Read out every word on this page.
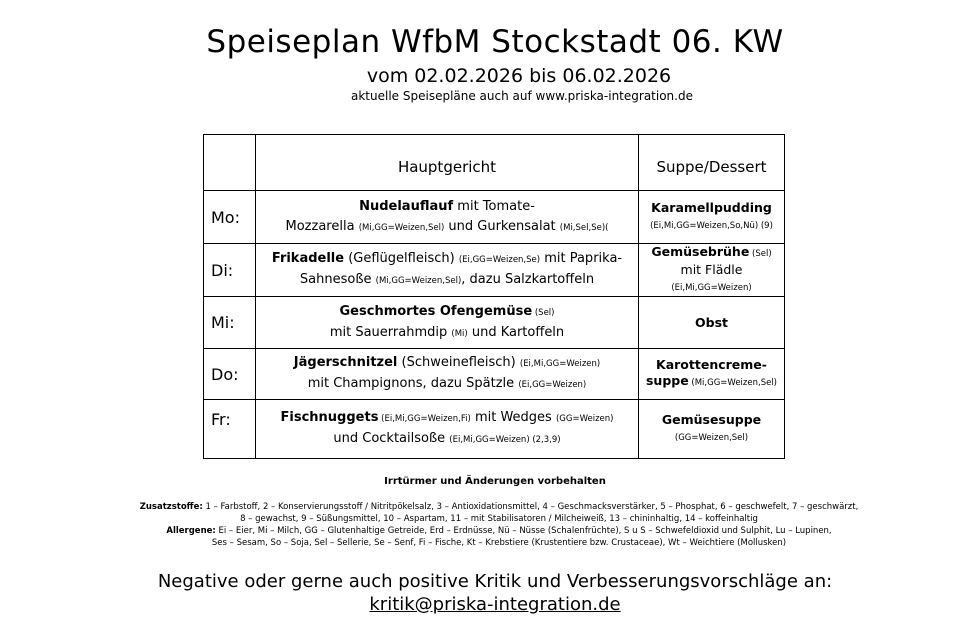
Speiseplan WfbM Stockstadt 06. KW
vom 02.02.2026 bis 06.02.2026
aktuelle Speisepläne auch auf www.priska-integration.de
	Hauptgericht	Suppe/Dessert
Mo:	Nudelauflauf mit Tomate-
Mozzarella (Mi,GG=Weizen,Sel) und Gurkensalat (Mi,Sel,Se)(	Karamellpudding
(Ei,Mi,GG=Weizen,So,Nü) (9)
Di:	Frikadelle (Geflügelfleisch) (Ei,GG=Weizen,Se) mit Paprika-
Sahnesoße (Mi,GG=Weizen,Sel), dazu Salzkartoffeln	Gemüsebrühe (Sel)
mit Flädle
(Ei,Mi,GG=Weizen)
Mi:	Geschmortes Ofengemüse (Sel)
mit Sauerrahmdip (Mi) und Kartoffeln	Obst
Do:	Jägerschnitzel (Schweinefleisch) (Ei,Mi,GG=Weizen)
mit Champignons, dazu Spätzle (Ei,GG=Weizen)	Karottencreme-
suppe (Mi,GG=Weizen,Sel)
Fr:	Fischnuggets (Ei,Mi,GG=Weizen,Fi) mit Wedges (GG=Weizen)
und Cocktailsoße (Ei,Mi,GG=Weizen) (2,3,9)	Gemüsesuppe
(GG=Weizen,Sel)
Irrtürmer und Änderungen vorbehalten
Zusatzstoffe: 1 – Farbstoff, 2 – Konservierungsstoff / Nitritpökelsalz, 3 – Antioxidationsmittel, 4 – Geschmacksverstärker, 5 – Phosphat, 6 – geschwefelt, 7 – geschwärzt,
8 – gewachst, 9 – Süßungsmittel, 10 – Aspartam, 11 – mit Stabilisatoren / Milcheiweiß, 13 – chininhaltig, 14 – koffeinhaltig
Allergene: Ei – Eier, Mi – Milch, GG – Glutenhaltige Getreide, Erd – Erdnüsse, Nü – Nüsse (Schalenfrüchte), S u S – Schwefeldioxid und Sulphit, Lu – Lupinen,
Ses – Sesam, So – Soja, Sel – Sellerie, Se – Senf, Fi – Fische, Kt – Krebstiere (Krustentiere bzw. Crustaceae), Wt – Weichtiere (Mollusken)
Negative oder gerne auch positive Kritik und Verbesserungsvorschläge an:
kritik@priska-integration.de
